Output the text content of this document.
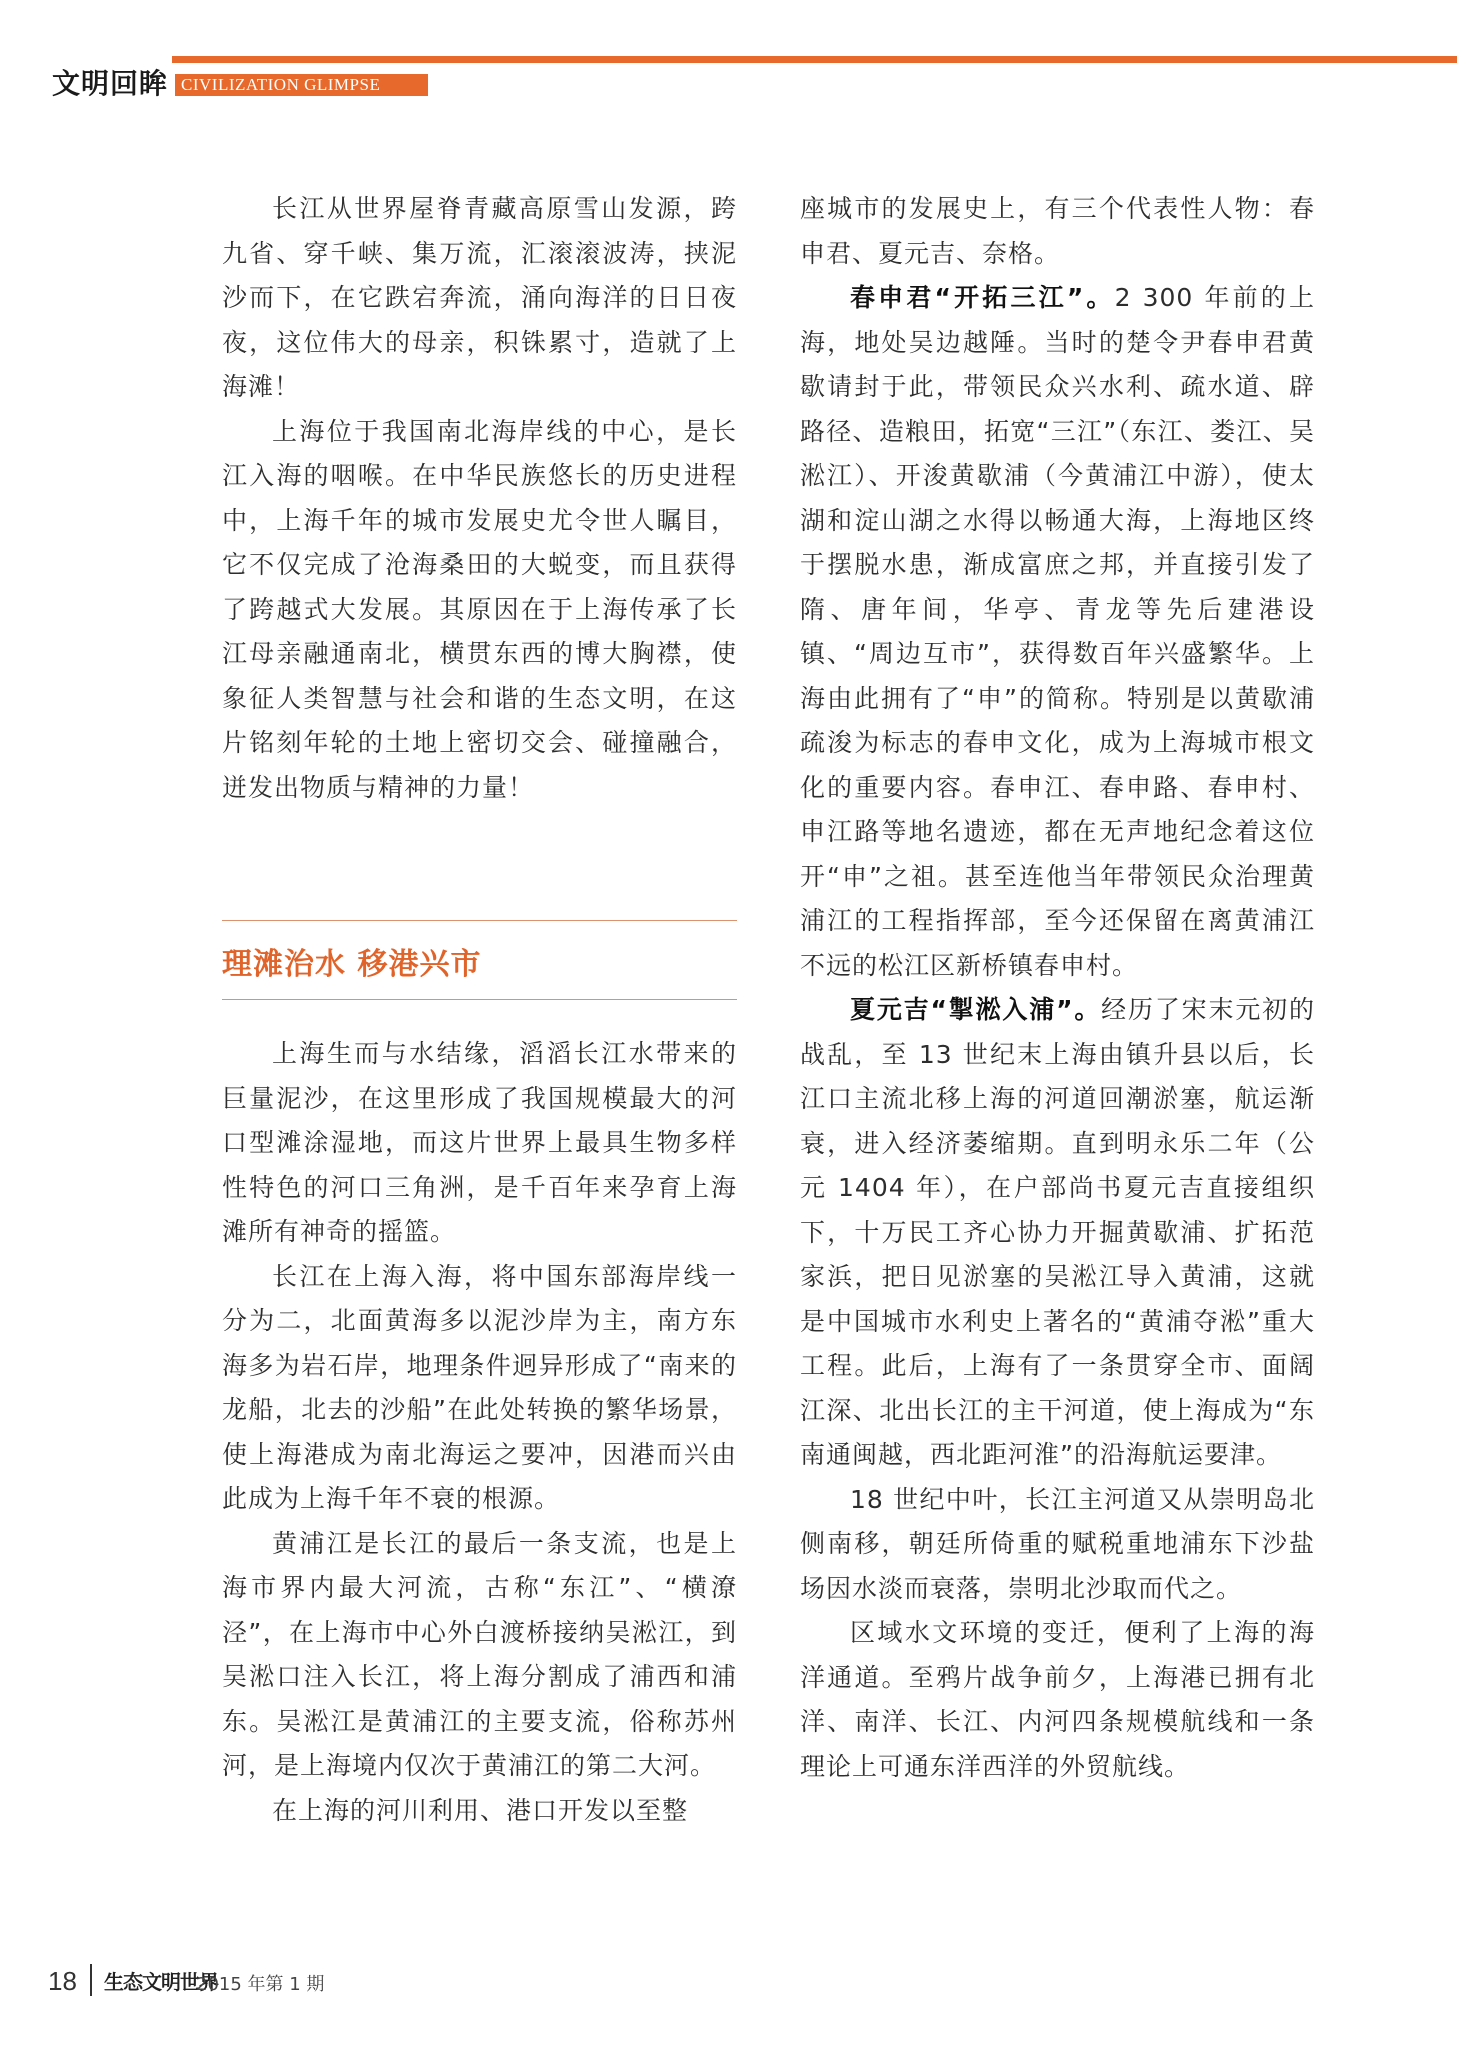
文明回眸 CIVILIZATION GLIMPSE

长江从世界屋脊青藏高原雪山发源，跨九省、穿千峡、集万流，汇滚滚波涛，挟泥沙而下，在它跌宕奔流，涌向海洋的日日夜夜，这位伟大的母亲，积铢累寸，造就了上海滩！

上海位于我国南北海岸线的中心，是长江入海的咽喉。在中华民族悠长的历史进程中，上海千年的城市发展史尤令世人瞩目，它不仅完成了沧海桑田的大蜕变，而且获得了跨越式大发展。其原因在于上海传承了长江母亲融通南北，横贯东西的博大胸襟，使象征人类智慧与社会和谐的生态文明，在这片铭刻年轮的土地上密切交会、碰撞融合，迸发出物质与精神的力量！

理滩治水 移港兴市

上海生而与水结缘，滔滔长江水带来的巨量泥沙，在这里形成了我国规模最大的河口型滩涂湿地，而这片世界上最具生物多样性特色的河口三角洲，是千百年来孕育上海滩所有神奇的摇篮。

长江在上海入海，将中国东部海岸线一分为二，北面黄海多以泥沙岸为主，南方东海多为岩石岸，地理条件迥异形成了“南来的龙船，北去的沙船”在此处转换的繁华场景，使上海港成为南北海运之要冲，因港而兴由此成为上海千年不衰的根源。

黄浦江是长江的最后一条支流，也是上海市界内最大河流，古称“东江”、“横潦泾”，在上海市中心外白渡桥接纳吴淞江，到吴淞口注入长江，将上海分割成了浦西和浦东。吴淞江是黄浦江的主要支流，俗称苏州河，是上海境内仅次于黄浦江的第二大河。

在上海的河川利用、港口开发以至整

座城市的发展史上，有三个代表性人物：春申君、夏元吉、奈格。

春申君“开拓三江”。2 300 年前的上海，地处吴边越陲。当时的楚令尹春申君黄歇请封于此，带领民众兴水利、疏水道、辟路径、造粮田，拓宽“三江”（东江、娄江、吴淞江）、开浚黄歇浦（今黄浦江中游），使太湖和淀山湖之水得以畅通大海，上海地区终于摆脱水患，渐成富庶之邦，并直接引发了隋、唐年间，华亭、青龙等先后建港设镇、“周边互市”，获得数百年兴盛繁华。上海由此拥有了“申”的简称。特别是以黄歇浦疏浚为标志的春申文化，成为上海城市根文化的重要内容。春申江、春申路、春申村、申江路等地名遗迹，都在无声地纪念着这位开“申”之祖。甚至连他当年带领民众治理黄浦江的工程指挥部，至今还保留在离黄浦江不远的松江区新桥镇春申村。

夏元吉“掣淞入浦”。经历了宋末元初的战乱，至 13 世纪末上海由镇升县以后，长江口主流北移上海的河道回潮淤塞，航运渐衰，进入经济萎缩期。直到明永乐二年（公元 1404 年），在户部尚书夏元吉直接组织下，十万民工齐心协力开掘黄歇浦、扩拓范家浜，把日见淤塞的吴淞江导入黄浦，这就是中国城市水利史上著名的“黄浦夺淞”重大工程。此后，上海有了一条贯穿全市、面阔江深、北出长江的主干河道，使上海成为“东南通闽越，西北距河淮”的沿海航运要津。

18 世纪中叶，长江主河道又从崇明岛北侧南移，朝廷所倚重的赋税重地浦东下沙盐场因水淡而衰落，崇明北沙取而代之。

区域水文环境的变迁，便利了上海的海洋通道。至鸦片战争前夕，上海港已拥有北洋、南洋、长江、内河四条规模航线和一条理论上可通东洋西洋的外贸航线。

18 生态文明世界
2015 年第 1 期
